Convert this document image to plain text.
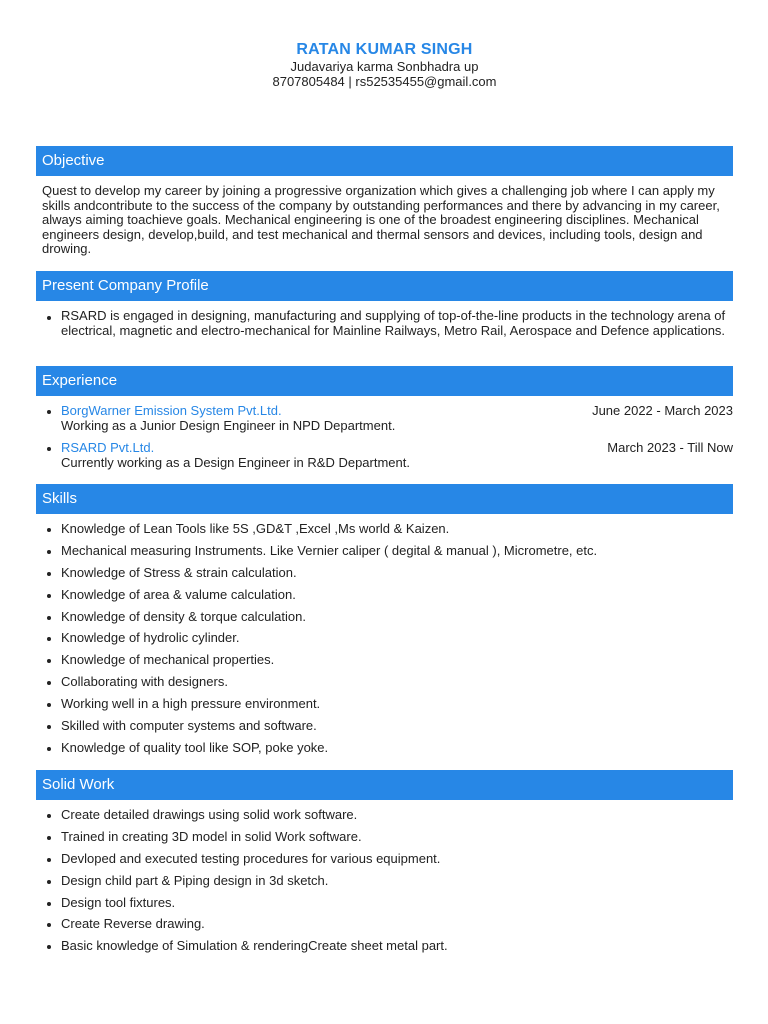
RATAN KUMAR SINGH
Judavariya karma Sonbhadra up
8707805484 | rs52535455@gmail.com
Objective
Quest to develop my career by joining a progressive organization which gives a challenging job where I can apply my skills andcontribute to the success of the company by outstanding performances and there by advancing in my career, always aiming toachieve goals. Mechanical engineering is one of the broadest engineering disciplines. Mechanical engineers design, develop,build, and test mechanical and thermal sensors and devices, including tools, design and drowing.
Present Company Profile
RSARD is engaged in designing, manufacturing and supplying of top-of-the-line products in the technology arena of electrical, magnetic and electro-mechanical for Mainline Railways, Metro Rail, Aerospace and Defence applications.
Experience
BorgWarner Emission System Pvt.Ltd.	June 2022 - March 2023
Working as a Junior Design Engineer in NPD Department.
RSARD Pvt.Ltd.	March 2023 - Till Now
Currently working as a Design Engineer in R&D Department.
Skills
Knowledge of Lean Tools like 5S ,GD&T ,Excel ,Ms world & Kaizen.
Mechanical measuring Instruments. Like Vernier caliper ( degital & manual ), Micrometre, etc.
Knowledge of Stress & strain calculation.
Knowledge of area & valume calculation.
Knowledge of density & torque calculation.
Knowledge of hydrolic cylinder.
Knowledge of mechanical properties.
Collaborating with designers.
Working well in a high pressure environment.
Skilled with computer systems and software.
Knowledge of quality tool like SOP, poke yoke.
Solid Work
Create detailed drawings using solid work software.
Trained in creating 3D model in solid Work software.
Devloped and executed testing procedures for various equipment.
Design child part & Piping design in 3d sketch.
Design tool fixtures.
Create Reverse drawing.
Basic knowledge of Simulation & renderingCreate sheet metal part.
